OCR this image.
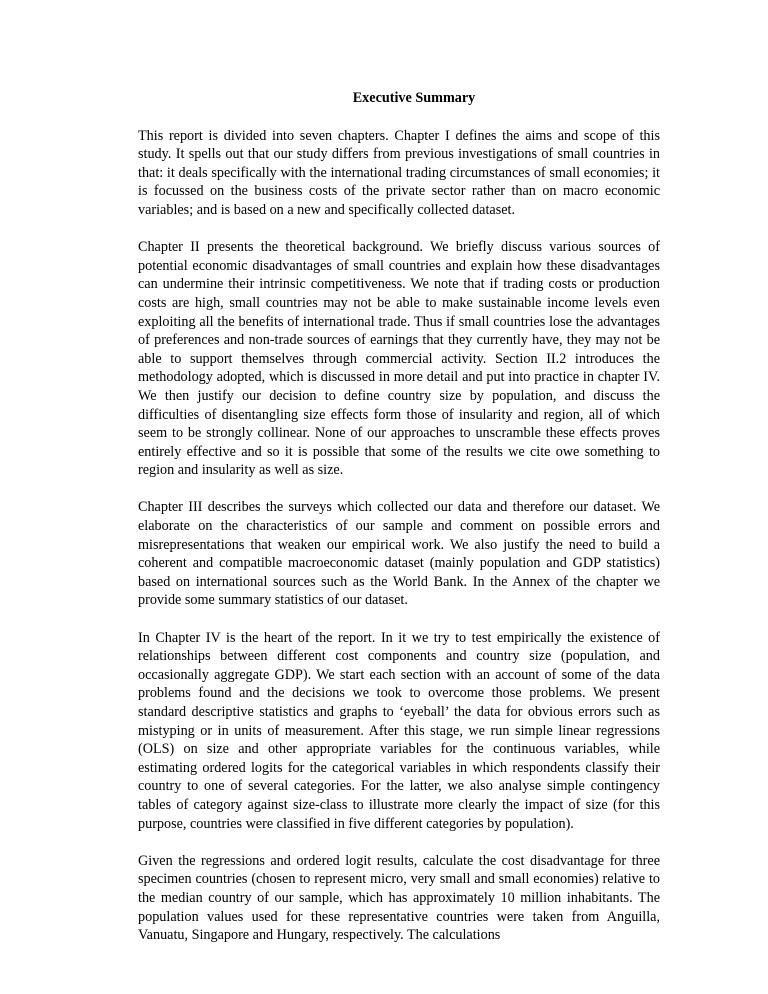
Executive Summary

This report is divided into seven chapters. Chapter I defines the aims and scope of this study. It spells out that our study differs from previous investigations of small countries in that: it deals specifically with the international trading circumstances of small economies; it is focussed on the business costs of the private sector rather than on macro economic variables; and is based on a new and specifically collected dataset.

Chapter II presents the theoretical background. We briefly discuss various sources of potential economic disadvantages of small countries and explain how these disadvantages can undermine their intrinsic competitiveness. We note that if trading costs or production costs are high, small countries may not be able to make sustainable income levels even exploiting all the benefits of international trade. Thus if small countries lose the advantages of preferences and non-trade sources of earnings that they currently have, they may not be able to support themselves through commercial activity. Section II.2 introduces the methodology adopted, which is discussed in more detail and put into practice in chapter IV. We then justify our decision to define country size by population, and discuss the difficulties of disentangling size effects form those of insularity and region, all of which seem to be strongly collinear. None of our approaches to unscramble these effects proves entirely effective and so it is possible that some of the results we cite owe something to region and insularity as well as size.

Chapter III describes the surveys which collected our data and therefore our dataset. We elaborate on the characteristics of our sample and comment on possible errors and misrepresentations that weaken our empirical work. We also justify the need to build a coherent and compatible macroeconomic dataset (mainly population and GDP statistics) based on international sources such as the World Bank. In the Annex of the chapter we provide some summary statistics of our dataset.

In Chapter IV is the heart of the report. In it we try to test empirically the existence of relationships between different cost components and country size (population, and occasionally aggregate GDP). We start each section with an account of some of the data problems found and the decisions we took to overcome those problems. We present standard descriptive statistics and graphs to ‘eyeball’ the data for obvious errors such as mistyping or in units of measurement. After this stage, we run simple linear regressions (OLS) on size and other appropriate variables for the continuous variables, while estimating ordered logits for the categorical variables in which respondents classify their country to one of several categories. For the latter, we also analyse simple contingency tables of category against size-class to illustrate more clearly the impact of size (for this purpose, countries were classified in five different categories by population).

Given the regressions and ordered logit results, calculate the cost disadvantage for three specimen countries (chosen to represent micro, very small and small economies) relative to the median country of our sample, which has approximately 10 million inhabitants. The population values used for these representative countries were taken from Anguilla, Vanuatu, Singapore and Hungary, respectively. The calculations
